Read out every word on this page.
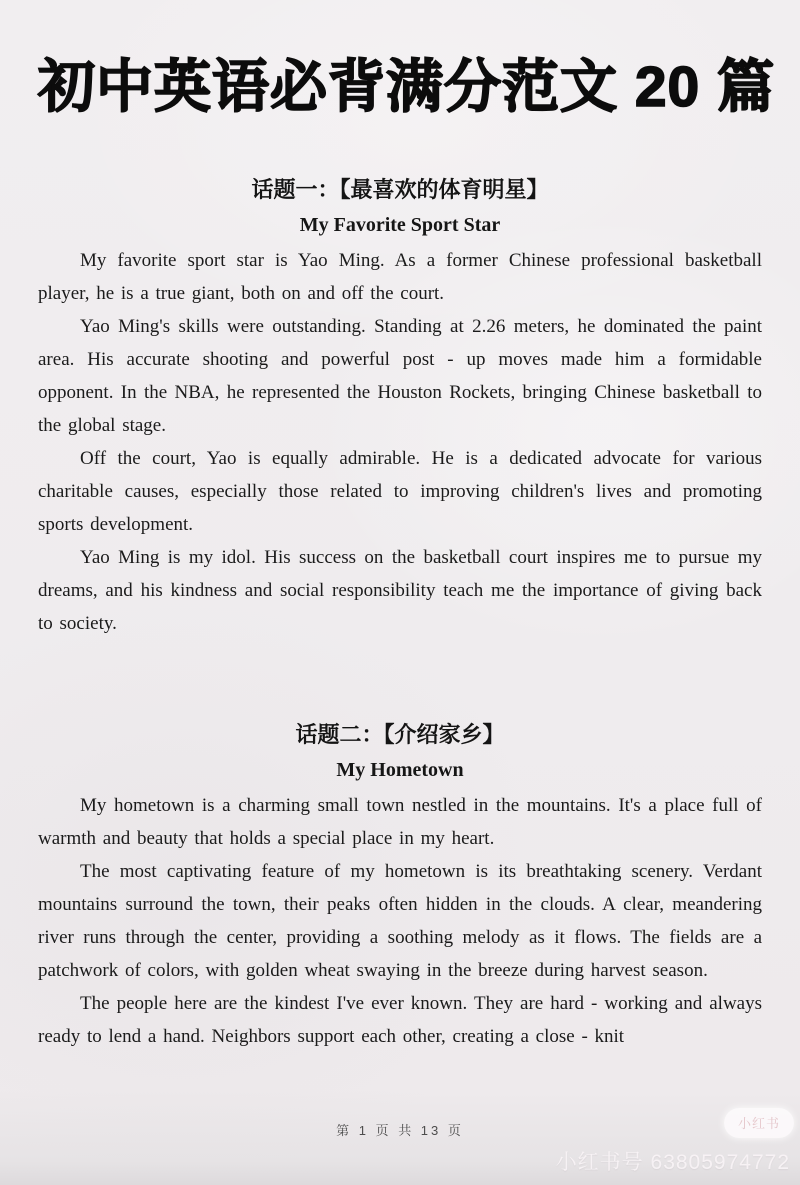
初中英语必背满分范文 20 篇
话题一：【最喜欢的体育明星】
My Favorite Sport Star

My favorite sport star is Yao Ming. As a former Chinese professional basketball player, he is a true giant, both on and off the court.

Yao Ming's skills were outstanding. Standing at 2.26 meters, he dominated the paint area. His accurate shooting and powerful post - up moves made him a formidable opponent. In the NBA, he represented the Houston Rockets, bringing Chinese basketball to the global stage.

Off the court, Yao is equally admirable. He is a dedicated advocate for various charitable causes, especially those related to improving children's lives and promoting sports development.

Yao Ming is my idol. His success on the basketball court inspires me to pursue my dreams, and his kindness and social responsibility teach me the importance of giving back to society.

话题二：【介绍家乡】
My Hometown

My hometown is a charming small town nestled in the mountains. It's a place full of warmth and beauty that holds a special place in my heart.

The most captivating feature of my hometown is its breathtaking scenery. Verdant mountains surround the town, their peaks often hidden in the clouds. A clear, meandering river runs through the center, providing a soothing melody as it flows. The fields are a patchwork of colors, with golden wheat swaying in the breeze during harvest season.

The people here are the kindest I've ever known. They are hard - working and always ready to lend a hand. Neighbors support each other, creating a close - knit

第 1 页 共 13 页	小红书
小红书号 63805974772
